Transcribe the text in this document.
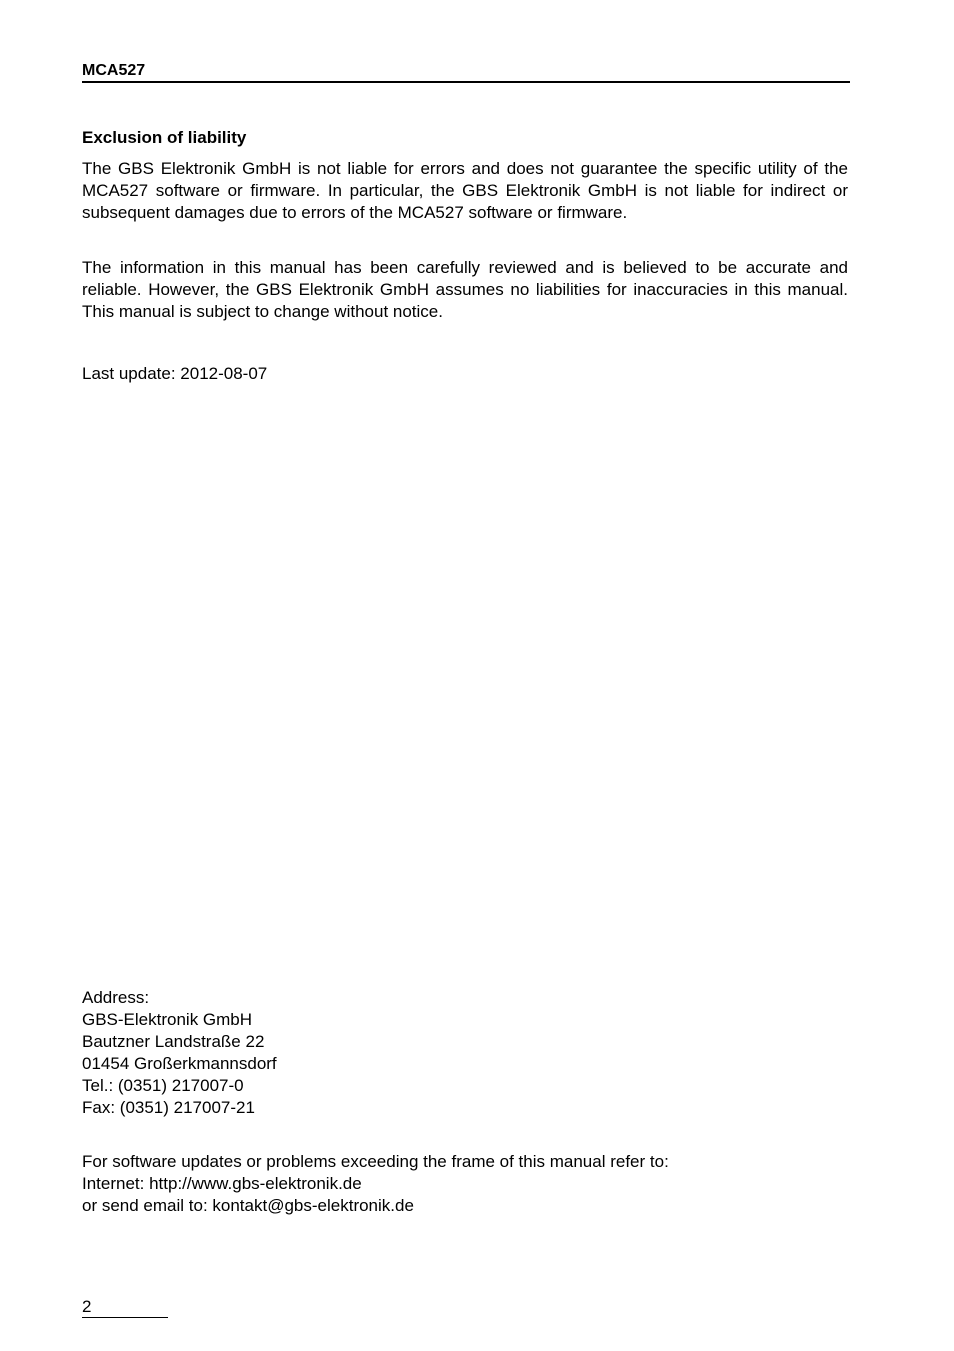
MCA527
Exclusion of liability
The GBS Elektronik GmbH is not liable for errors and does not guarantee the specific utility of the MCA527 software or firmware. In particular, the GBS Elektronik GmbH is not liable for indirect or subsequent damages due to errors of the MCA527 software or firmware.
The information in this manual has been carefully reviewed and is believed to be accurate and reliable. However, the GBS Elektronik GmbH assumes no liabilities for inaccuracies in this manual. This manual is subject to change without notice.
Last update: 2012-08-07
Address:
GBS-Elektronik GmbH
Bautzner Landstraße 22
01454 Großerkmannsdorf
Tel.: (0351) 217007-0
Fax: (0351) 217007-21
For software updates or problems exceeding the frame of this manual refer to:
Internet: http://www.gbs-elektronik.de
or send email to: kontakt@gbs-elektronik.de
2
